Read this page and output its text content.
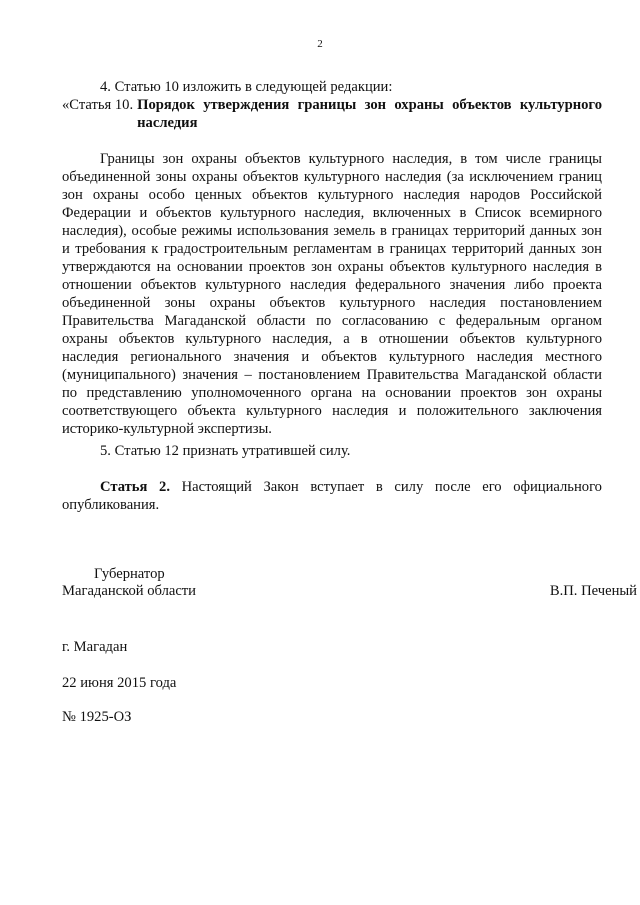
2
4. Статью 10 изложить в следующей редакции:
«Статья 10. Порядок утверждения границы зон охраны объектов культурного наследия
Границы зон охраны объектов культурного наследия, в том числе границы объединенной зоны охраны объектов культурного наследия (за исключением границ зон охраны особо ценных объектов культурного наследия народов Российской Федерации и объектов культурного наследия, включенных в Список всемирного наследия), особые режимы использования земель в границах территорий данных зон и требования к градостроительным регламентам в границах территорий данных зон утверждаются на основании проектов зон охраны объектов культурного наследия в отношении объектов культурного наследия федерального значения либо проекта объединенной зоны охраны объектов культурного наследия постановлением Правительства Магаданской области по согласованию с федеральным органом охраны объектов культурного наследия, а в отношении объектов культурного наследия регионального значения и объектов культурного наследия местного (муниципального) значения – постановлением Правительства Магаданской области по представлению уполномоченного органа на основании проектов зон охраны соответствующего объекта культурного наследия и положительного заключения историко-культурной экспертизы.
5. Статью 12 признать утратившей силу.
Статья 2. Настоящий Закон вступает в силу после его официального опубликования.
Губернатор
Магаданской области	В.П. Печеный
г. Магадан
22 июня 2015 года
№ 1925-ОЗ
